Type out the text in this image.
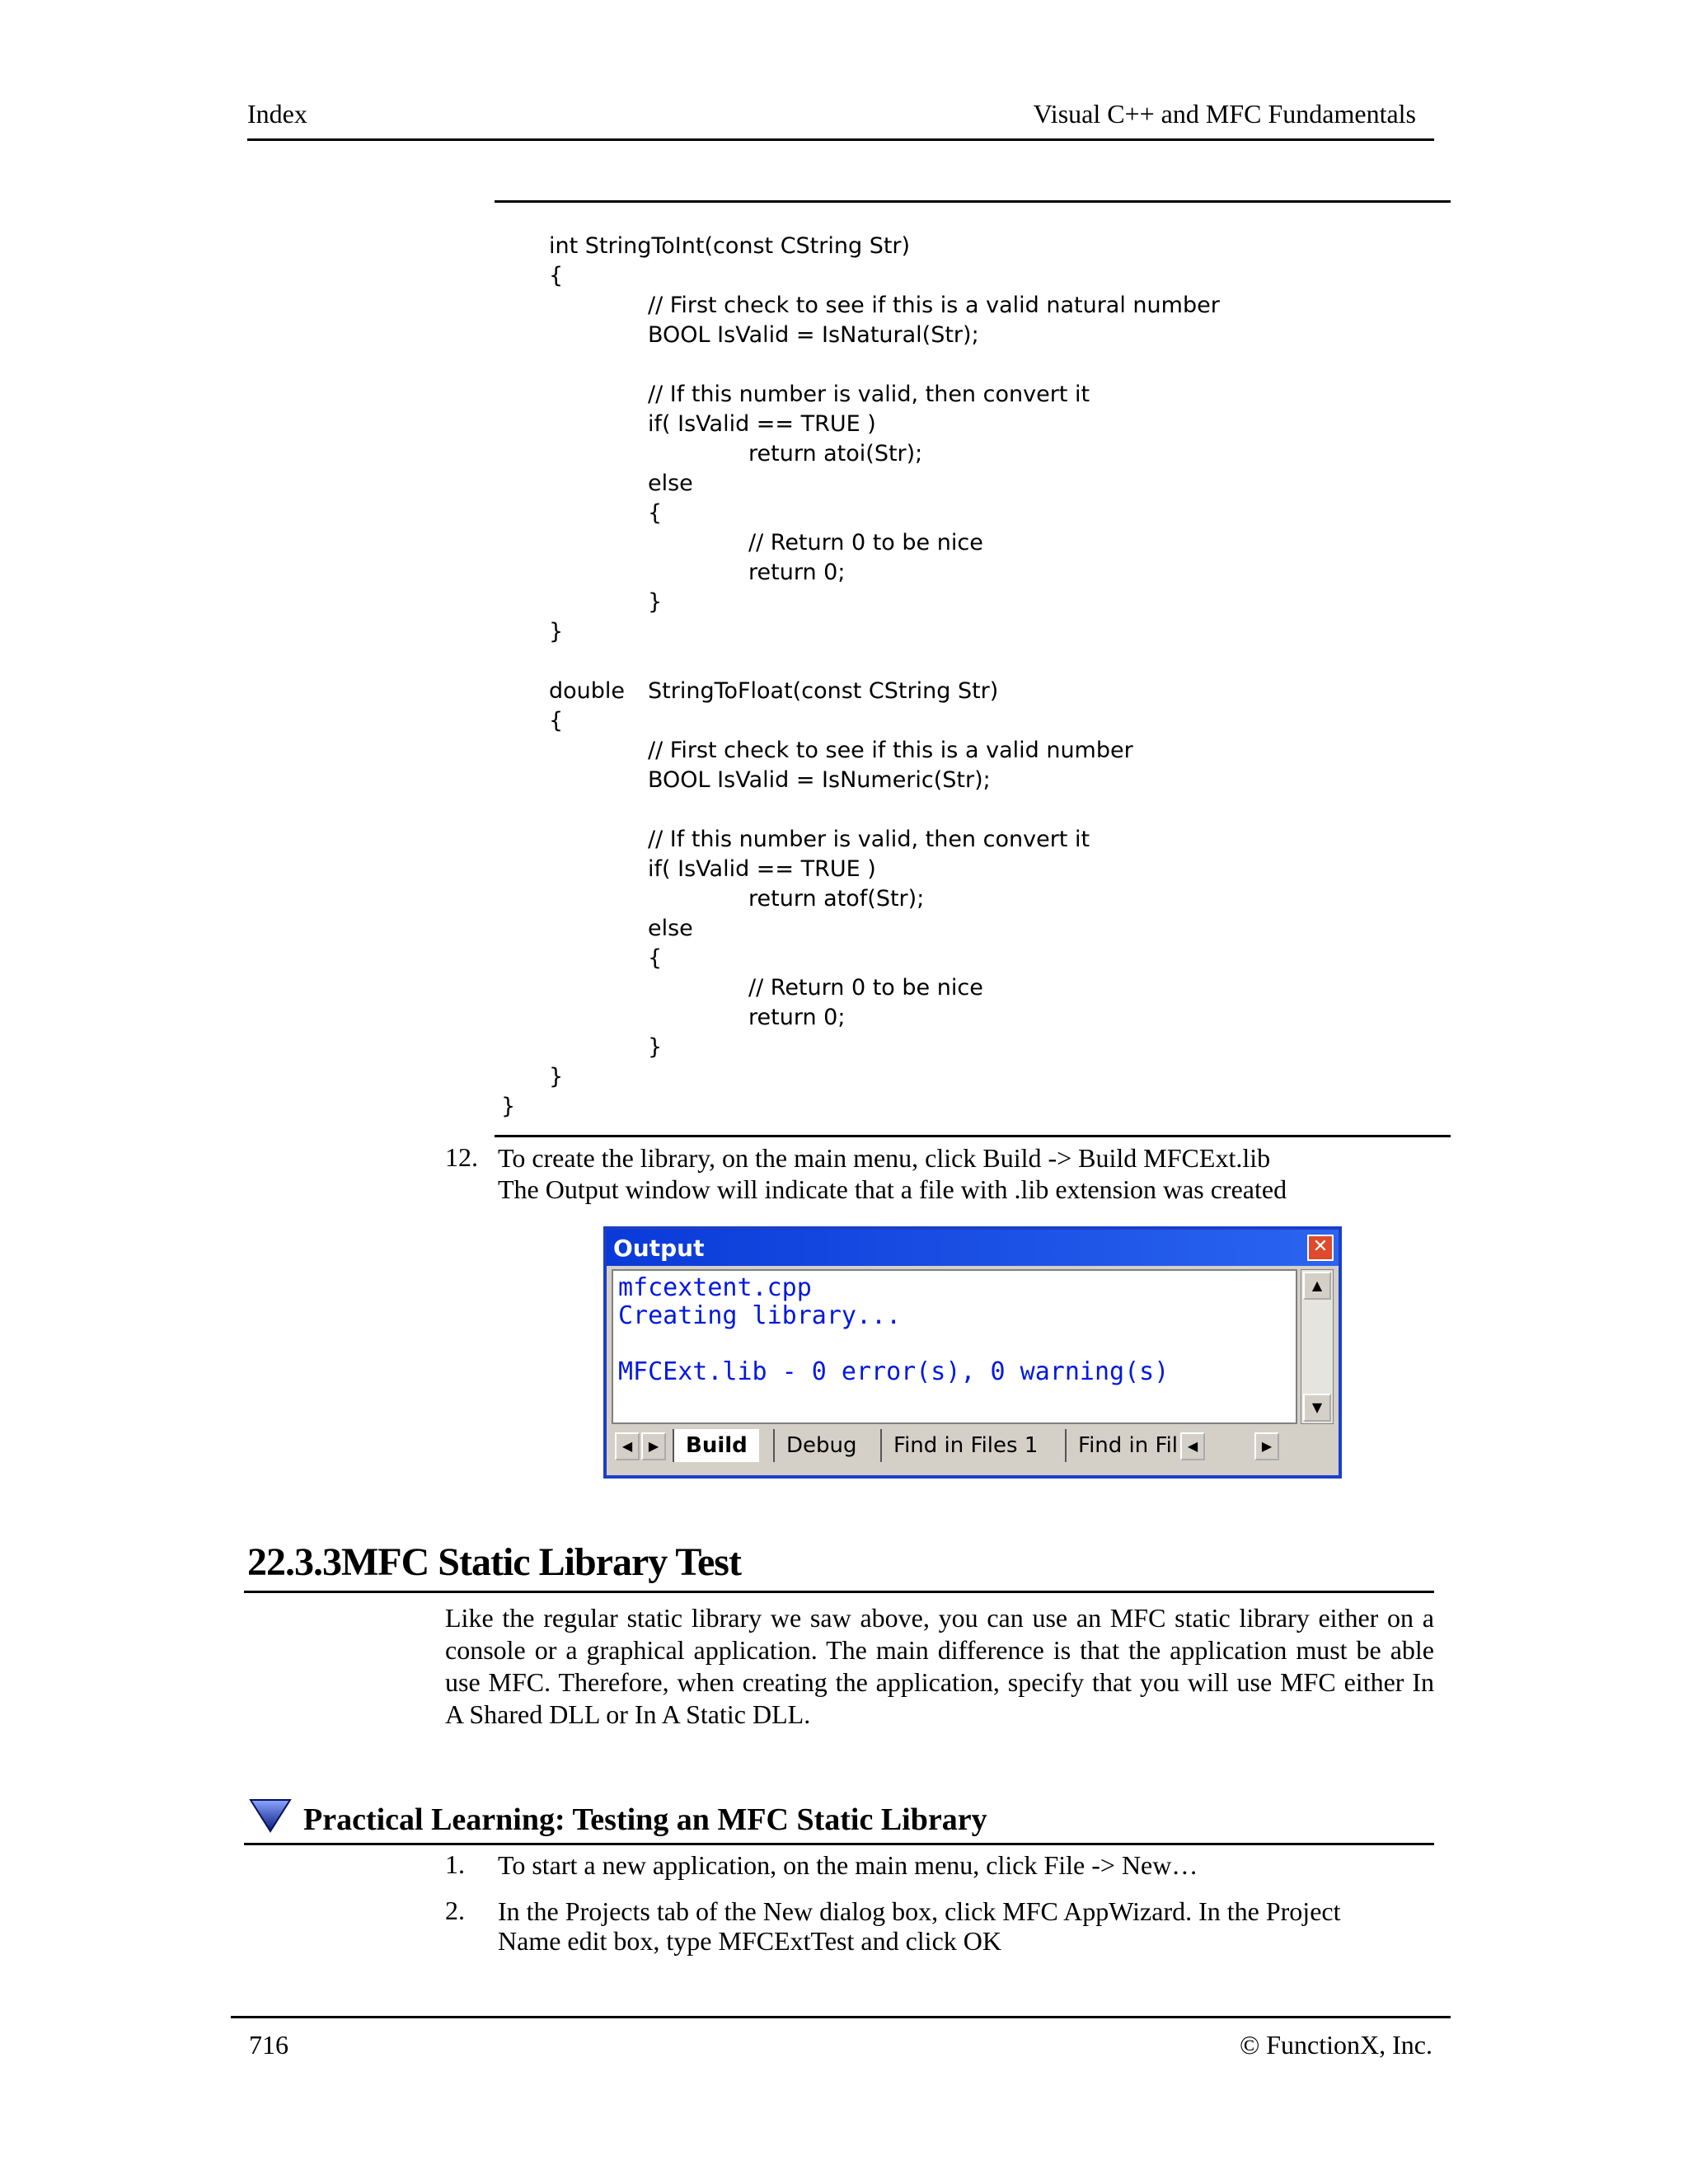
Index	Visual C++ and MFC Fundamentals
int StringToInt(const CString Str)
{
// First check to see if this is a valid natural number
BOOL IsValid = IsNatural(Str);
// If this number is valid, then convert it
if( IsValid == TRUE )
return atoi(Str);
else
{
// Return 0 to be nice
return 0;
}
}
double StringToFloat(const CString Str)
{
// First check to see if this is a valid number
BOOL IsValid = IsNumeric(Str);
// If this number is valid, then convert it
if( IsValid == TRUE )
return atof(Str);
else
{
// Return 0 to be nice
return 0;
}
}
}
12. To create the library, on the main menu, click Build -> Build MFCExt.lib
The Output window will indicate that a file with .lib extension was created
Output	✕
mfcextent.cpp
Creating library...
MFCExt.lib - 0 error(s), 0 warning(s)
▲
▼
◀	▶	Build	Debug	Find in Files 1	Find in Fil ◀	▶
22.3.3MFC Static Library Test
Like the regular static library we saw above, you can use an MFC static library either on a console or a graphical application. The main difference is that the application must be able use MFC. Therefore, when creating the application, specify that you will use MFC either In A Shared DLL or In A Static DLL.
Practical Learning: Testing an MFC Static Library
1. To start a new application, on the main menu, click File -> New…
2. In the Projects tab of the New dialog box, click MFC AppWizard. In the Project
Name edit box, type MFCExtTest and click OK
716	© FunctionX, Inc.
